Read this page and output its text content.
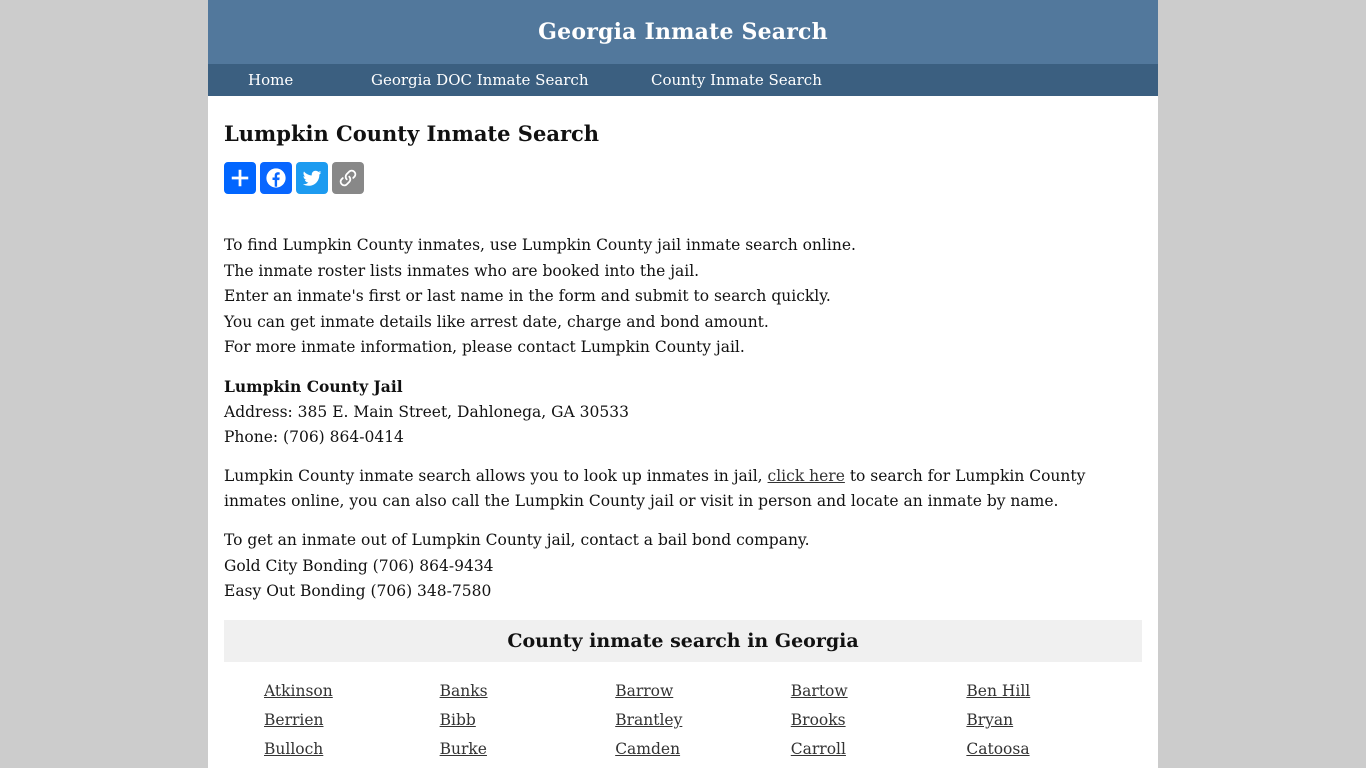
Georgia Inmate Search
Lumpkin County Inmate Search

To find Lumpkin County inmates, use Lumpkin County jail inmate search online.

The inmate roster lists inmates who are booked into the jail.

Enter an inmate's first or last name in the form and submit to search quickly.

You can get inmate details like arrest date, charge and bond amount.

For more inmate information, please contact Lumpkin County jail.

Lumpkin County Jail

Address: 385 E. Main Street, Dahlonega, GA 30533

Phone: (706) 864-0414

Lumpkin County inmate search allows you to look up inmates in jail, click here to search for Lumpkin County inmates online, you can also call the Lumpkin County jail or visit in person and locate an inmate by name.

To get an inmate out of Lumpkin County jail, contact a bail bond company.

Gold City Bonding (706) 864-9434

Easy Out Bonding (706) 348-7580

County inmate search in Georgia
Atkinson	Banks	Barrow	Bartow	Ben Hill
Berrien	Bibb	Brantley	Brooks	Bryan
Bulloch	Burke	Camden	Carroll	Catoosa
Home	Georgia DOC Inmate Search	County Inmate Search
